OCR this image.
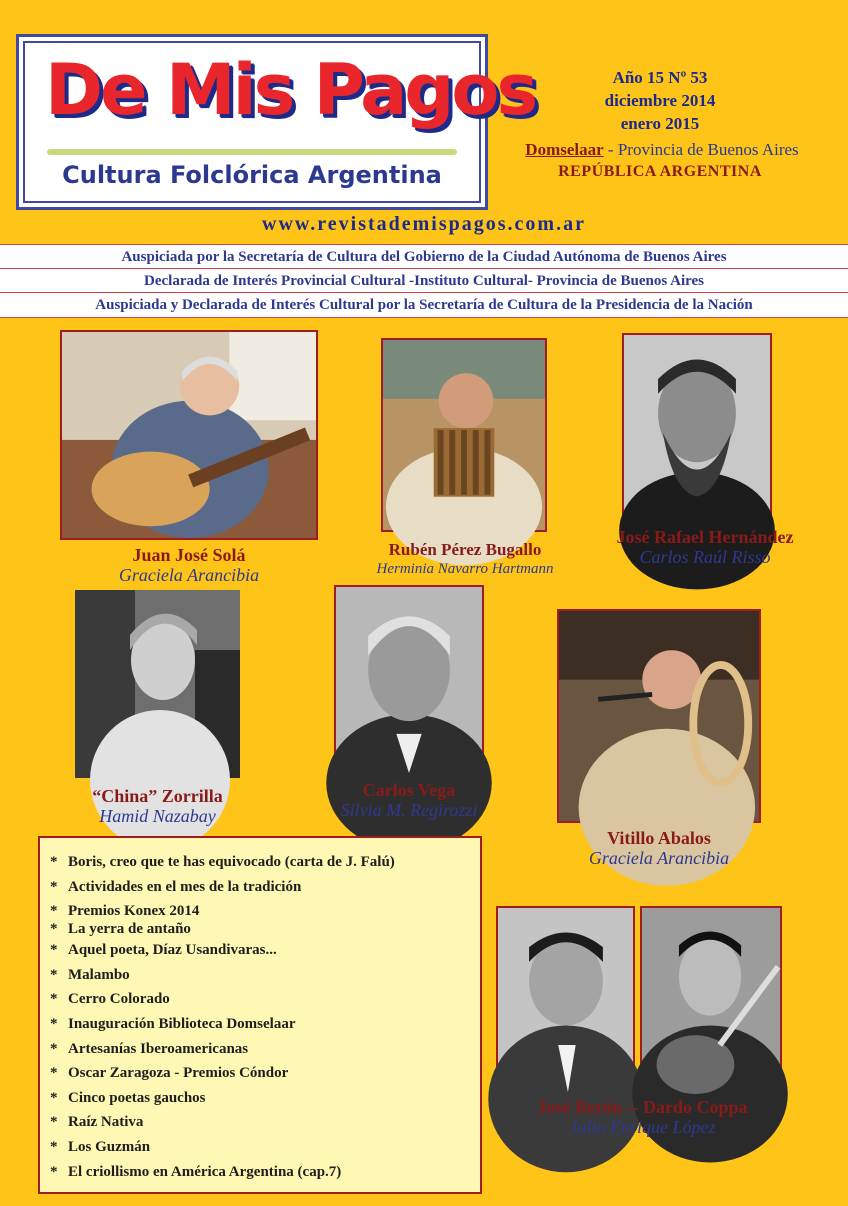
De Mis Pagos
Cultura Folclórica Argentina
Año 15 Nº 53
diciembre 2014
enero 2015
Domselaar - Provincia de Buenos Aires
REPÚBLICA ARGENTINA
www.revistademispagos.com.ar
Auspiciada por la Secretaría de Cultura del Gobierno de la Ciudad Autónoma de Buenos Aires
Declarada de Interés Provincial Cultural -Instituto Cultural- Provincia de Buenos Aires
Auspiciada y Declarada de Interés Cultural por la Secretaría de Cultura de la Presidencia de la Nación
Juan José Solá
Graciela Arancibia
Rubén Pérez Bugallo
Herminia Navarro Hartmann
José Rafael Hernández
Carlos Raúl Risso
“China” Zorrilla
Hamid Nazabay
Carlos Vega
Silvia M. Regirozzi
Vitillo Abalos
Graciela Arancibia
José Berón -- Dardo Coppa
Julio Enrique López
* Boris, creo que te has equivocado (carta de J. Falú)
* Actividades en el mes de la tradición
* Premios Konex 2014
* La yerra de antaño
* Aquel poeta, Díaz Usandivaras...
* Malambo
* Cerro Colorado
* Inauguración Biblioteca Domselaar
* Artesanías Iberoamericanas
* Oscar Zaragoza - Premios Cóndor
* Cinco poetas gauchos
* Raíz Nativa
* Los Guzmán
* El criollismo en América Argentina (cap.7)
